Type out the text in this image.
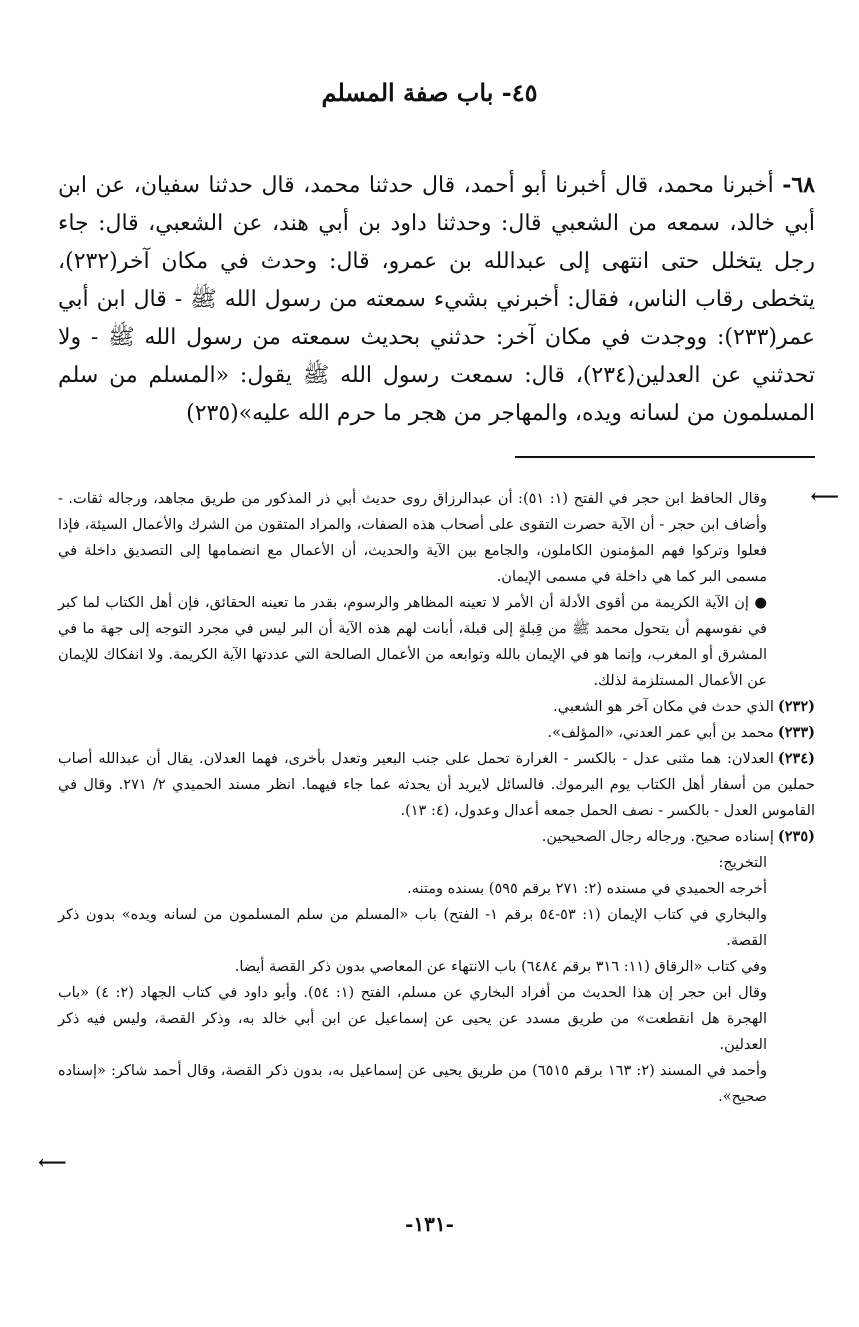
٤٥- باب صفة المسلم

٦٨- أخبرنا محمد، قال أخبرنا أبو أحمد، قال حدثنا محمد، قال حدثنا سفيان، عن ابن أبي خالد، سمعه من الشعبي قال: وحدثنا داود بن أبي هند، عن الشعبي، قال: جاء رجل يتخلل حتى انتهى إلى عبدالله بن عمرو، قال: وحدث في مكان آخر(٢٣٢)، يتخطى رقاب الناس، فقال: أخبرني بشيء سمعته من رسول الله ﷺ - قال ابن أبي عمر(٢٣٣): ووجدت في مكان آخر: حدثني بحديث سمعته من رسول الله ﷺ - ولا تحدثني عن العدلين(٢٣٤)، قال: سمعت رسول الله ﷺ يقول: «المسلم من سلم المسلمون من لسانه ويده، والمهاجر من هجر ما حرم الله عليه»(٢٣٥)

⟵

وقال الحافظ ابن حجر في الفتح (١: ٥١): أن عبدالرزاق روى حديث أبي ذر المذكور من طريق مجاهد، ورجاله ثقات. - وأضاف ابن حجر - أن الآية حصرت التقوى على أصحاب هذه الصفات، والمراد المتقون من الشرك والأعمال السيئة، فإذا فعلوا وتركوا فهم المؤمنون الكاملون، والجامع بين الآية والحديث، أن الأعمال مع انضمامها إلى التصديق داخلة في مسمى البر كما هي داخلة في مسمى الإيمان.

● إن الآية الكريمة من أقوى الأدلة أن الأمر لا تعينه المظاهر والرسوم، بقدر ما تعينه الحقائق، فإن أهل الكتاب لما كبر في نفوسهم أن يتحول محمد ﷺ من قِبلةٍ إلى قبلة، أبانت لهم هذه الآية أن البر ليس في مجرد التوجه إلى جهة ما في المشرق أو المغرب، وإنما هو في الإيمان بالله وتوابعه من الأعمال الصالحة التي عددتها الآية الكريمة. ولا انفكاك للإيمان عن الأعمال المستلزمة لذلك.

(٢٣٢)الذي حدث في مكان آخر هو الشعبي.

(٢٣٣)محمد بن أبي عمر العدني، «المؤلف».

(٢٣٤)العدلان: هما مثنى عدل - بالكسر - الغرارة تحمل على جنب البعير وتعدل بأخرى، فهما العدلان. يقال أن عبدالله أصاب حملين من أسفار أهل الكتاب يوم اليرموك. فالسائل لايريد أن يحدثه عما جاء فيهما. انظر مسند الحميدي ٢/ ٢٧١. وقال في القاموس العدل - بالكسر - نصف الحمل جمعه أعدال وعدول، (٤: ١٣).

(٢٣٥)إسناده صحيح. ورجاله رجال الصحيحين.

التخريج:

أخرجه الحميدي في مسنده (٢: ٢٧١ برقم ٥٩٥) بسنده ومتنه.

والبخاري في كتاب الإيمان (١: ٥٣-٥٤ برقم ١- الفتح) باب «المسلم من سلم المسلمون من لسانه ويده» بدون ذكر القصة.

وفي كتاب «الرقاق (١١: ٣١٦ برقم ٦٤٨٤) باب الانتهاء عن المعاصي بدون ذكر القصة أيضا.

وقال ابن حجر إن هذا الحديث من أفراد البخاري عن مسلم، الفتح (١: ٥٤). وأبو داود في كتاب الجهاد (٢: ٤) «باب الهجرة هل انقطعت» من طريق مسدد عن يحيى عن إسماعيل عن ابن أبي خالد به، وذكر القصة، وليس فيه ذكر العدلين.

وأحمد في المسند (٢: ١٦٣ برقم ٦٥١٥) من طريق يحيى عن إسماعيل به، بدون ذكر القصة، وقال أحمد شاكر: «إسناده صحيح».

⟵
-١٣١-
